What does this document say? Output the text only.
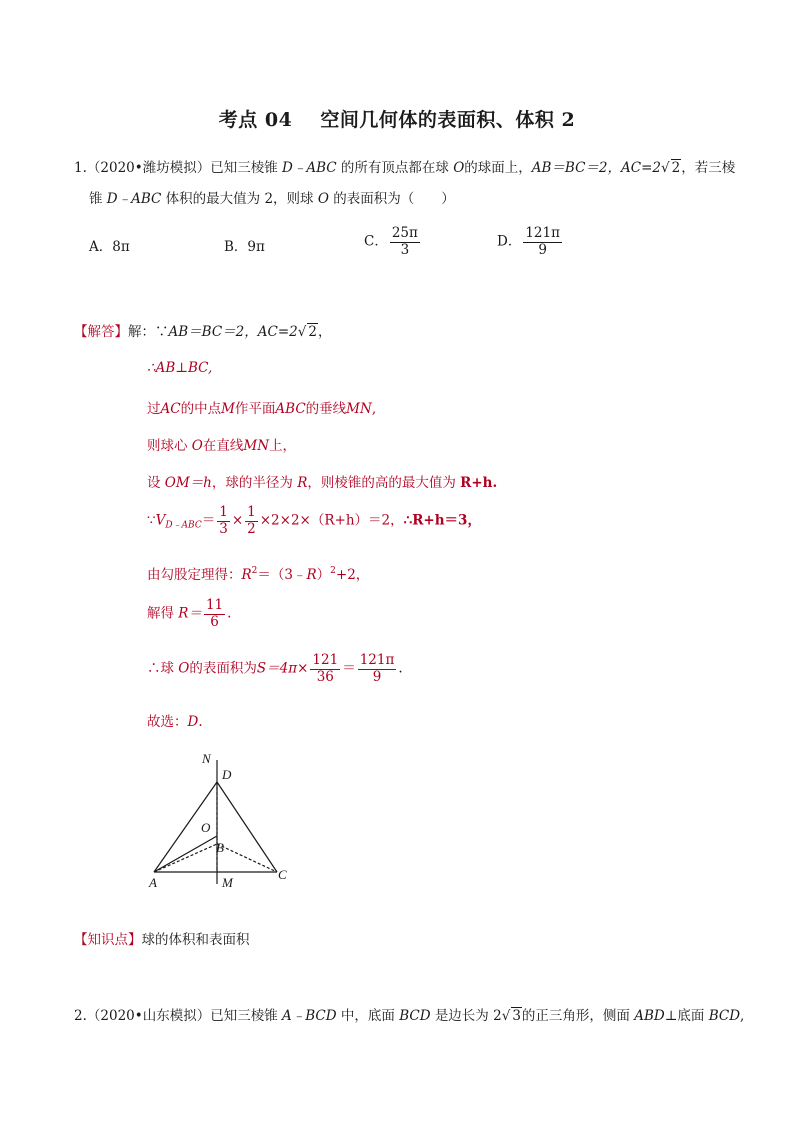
考点 04 空间几何体的表面积、体积 2
1.（2020•潍坊模拟）已知三棱锥 D﹣ABC 的所有顶点都在球 O的球面上，AB＝BC＝2，AC=2√ 2，若三棱
锥 D﹣ABC 体积的最大值为 2，则球 O 的表面积为（　　）
A．8π	B．9π	C． $\frac{25\pi}{3}$	D． $\frac{121\pi}{9}$
【解答】解：∵AB＝BC＝2，AC=2√ 2，
∴AB⊥BC,
过AC的中点M作平面ABC的垂线MN,
则球心 O在直线MN上，
设 OM＝h，球的半径为 R，则棱锥的高的最大值为 R+h.
$\because V_{D﹣ABC}= \frac{1}{3} \times \frac{1}{2} \times 2\times 2\times(R+h)=2$，∴R+h＝3，
由勾股定理得：$R^2=(3﹣R)^2+2$，
解得 $R= \frac{11}{6}$ .
∴球 O的表面积为$S=4\pi\times \frac{121}{36} = \frac{121\pi}{9}$ .
故选：D.
N
D
O
B
A	M
C
【知识点】球的体积和表面积
2.（2020•山东模拟）已知三棱锥 A﹣BCD 中，底面 BCD 是边长为 2√ 3的正三角形，侧面 ABD⊥底面 BCD,
